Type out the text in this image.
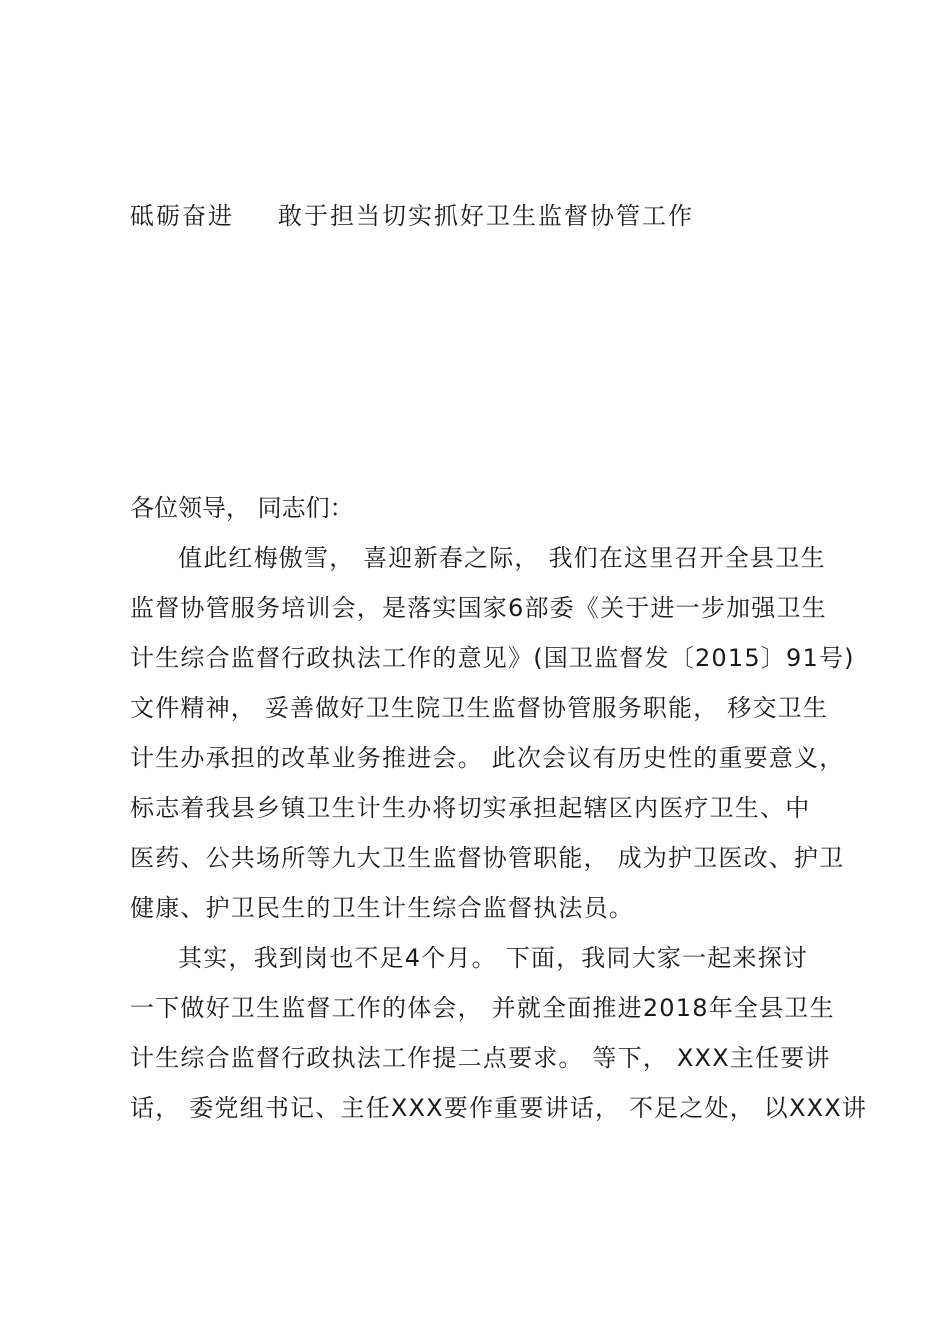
砥砺奋进 敢于担当切实抓好卫生监督协管工作
各位领导， 同志们：
值此红梅傲雪， 喜迎新春之际， 我们在这里召开全县卫生
监督协管服务培训会，是落实国家6部委《关于进一步加强卫生
计生综合监督行政执法工作的意见》(国卫监督发〔2015〕91号)
文件精神， 妥善做好卫生院卫生监督协管服务职能， 移交卫生
计生办承担的改革业务推进会。 此次会议有历史性的重要意义，
标志着我县乡镇卫生计生办将切实承担起辖区内医疗卫生、中
医药、公共场所等九大卫生监督协管职能， 成为护卫医改、护卫
健康、护卫民生的卫生计生综合监督执法员。
其实，我到岗也不足4个月。 下面，我同大家一起来探讨
一下做好卫生监督工作的体会， 并就全面推进2018年全县卫生
计生综合监督行政执法工作提二点要求。 等下， XXX主任要讲
话， 委党组书记、主任XXX要作重要讲话， 不足之处， 以XXX讲
